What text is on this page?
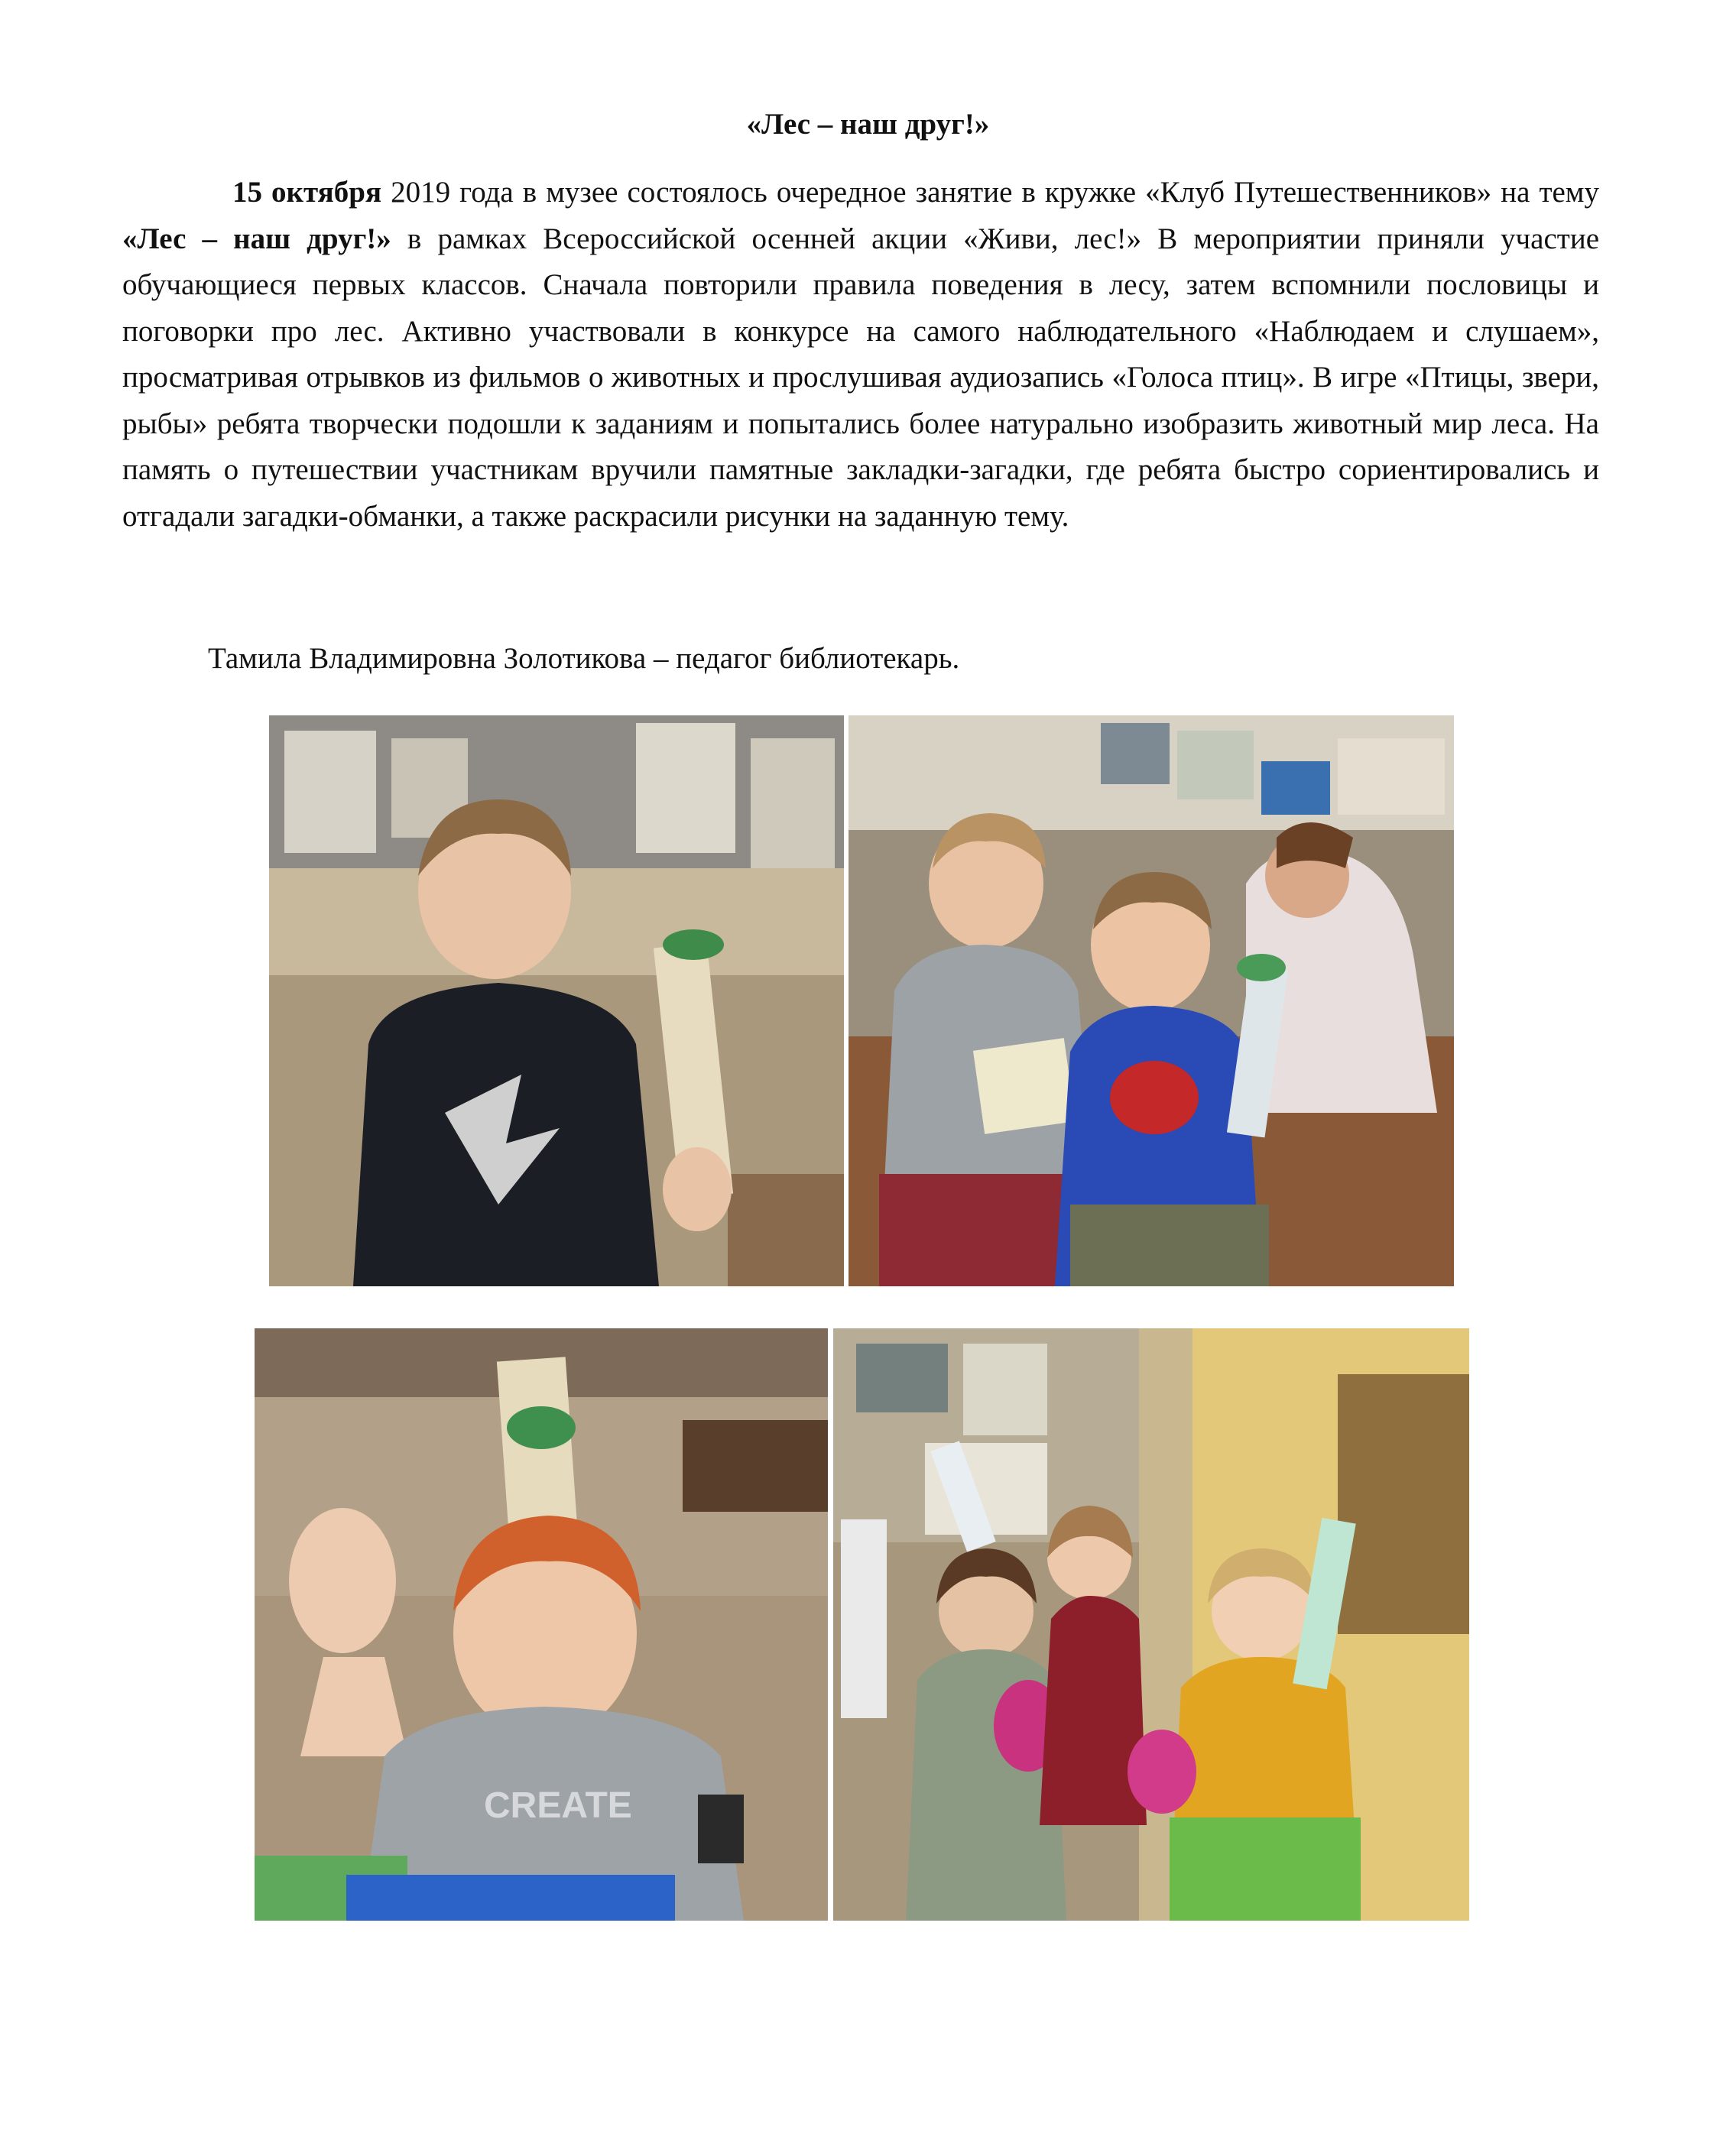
«Лес – наш друг!»

15 октября 2019 года в музее состоялось очередное занятие в кружке «Клуб Путешественников» на тему «Лес – наш друг!» в рамках Всероссийской осенней акции «Живи, лес!» В мероприятии приняли участие обучающиеся первых классов. Сначала повторили правила поведения в лесу, затем вспомнили пословицы и поговорки про лес. Активно участвовали в конкурсе на самого наблюдательного «Наблюдаем и слушаем», просматривая отрывков из фильмов о животных и прослушивая аудиозапись «Голоса птиц». В игре «Птицы, звери, рыбы» ребята творчески подошли к заданиям и попытались более натурально изобразить животный мир леса. На память о путешествии участникам вручили памятные закладки-загадки, где ребята быстро сориентировались и отгадали загадки-обманки, а также раскрасили рисунки на заданную тему.

Тамила Владимировна Золотикова – педагог библиотекарь.

CREATE
